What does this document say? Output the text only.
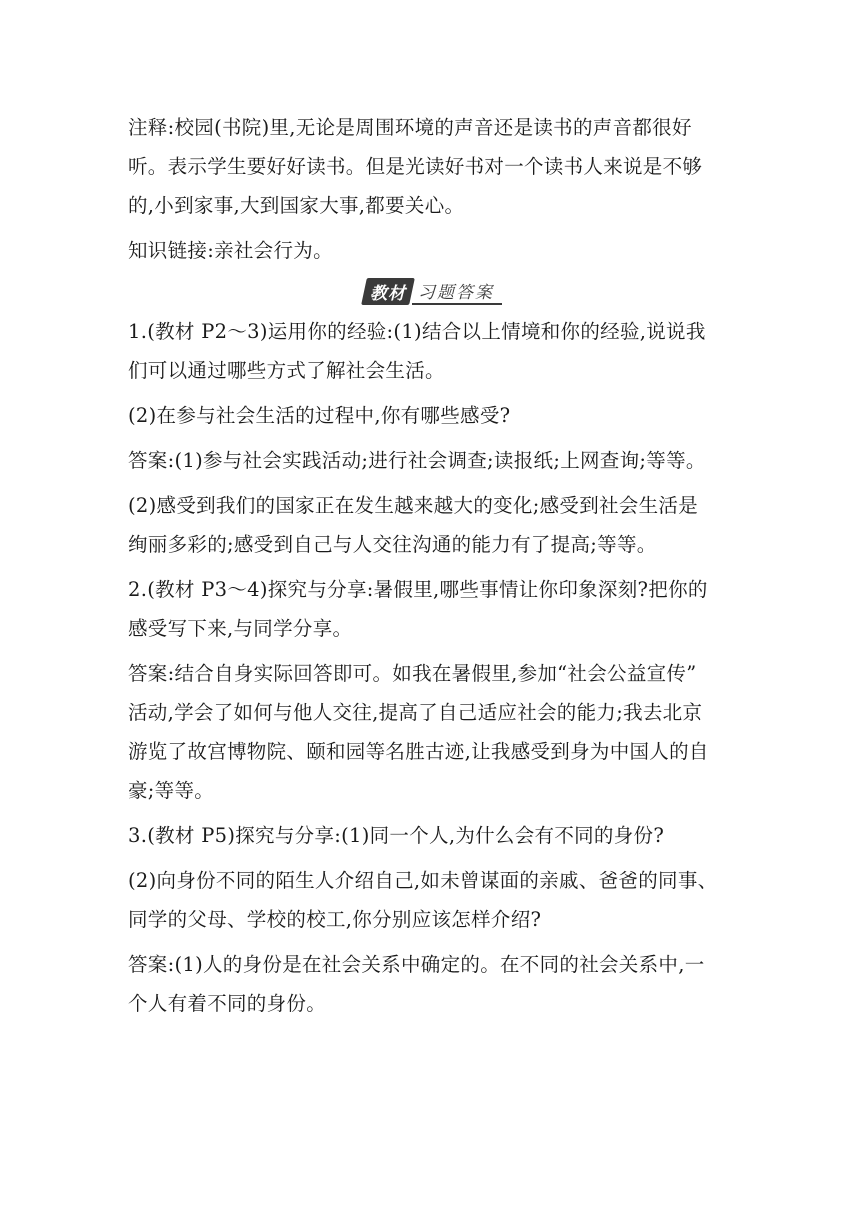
注释:校园(书院)里,无论是周围环境的声音还是读书的声音都很好
听。表示学生要好好读书。但是光读好书对一个读书人来说是不够
的,小到家事,大到国家大事,都要关心。
知识链接:亲社会行为。
教材 习题答案
1.(教材 P2～3)运用你的经验:(1)结合以上情境和你的经验,说说我
们可以通过哪些方式了解社会生活。
(2)在参与社会生活的过程中,你有哪些感受?
答案:(1)参与社会实践活动;进行社会调查;读报纸;上网查询;等等。
(2)感受到我们的国家正在发生越来越大的变化;感受到社会生活是
绚丽多彩的;感受到自己与人交往沟通的能力有了提高;等等。
2.(教材 P3～4)探究与分享:暑假里,哪些事情让你印象深刻?把你的
感受写下来,与同学分享。
答案:结合自身实际回答即可。如我在暑假里,参加“社会公益宣传”
活动,学会了如何与他人交往,提高了自己适应社会的能力;我去北京
游览了故宫博物院、颐和园等名胜古迹,让我感受到身为中国人的自
豪;等等。
3.(教材 P5)探究与分享:(1)同一个人,为什么会有不同的身份?
(2)向身份不同的陌生人介绍自己,如未曾谋面的亲戚、爸爸的同事、
同学的父母、学校的校工,你分别应该怎样介绍?
答案:(1)人的身份是在社会关系中确定的。在不同的社会关系中,一
个人有着不同的身份。
